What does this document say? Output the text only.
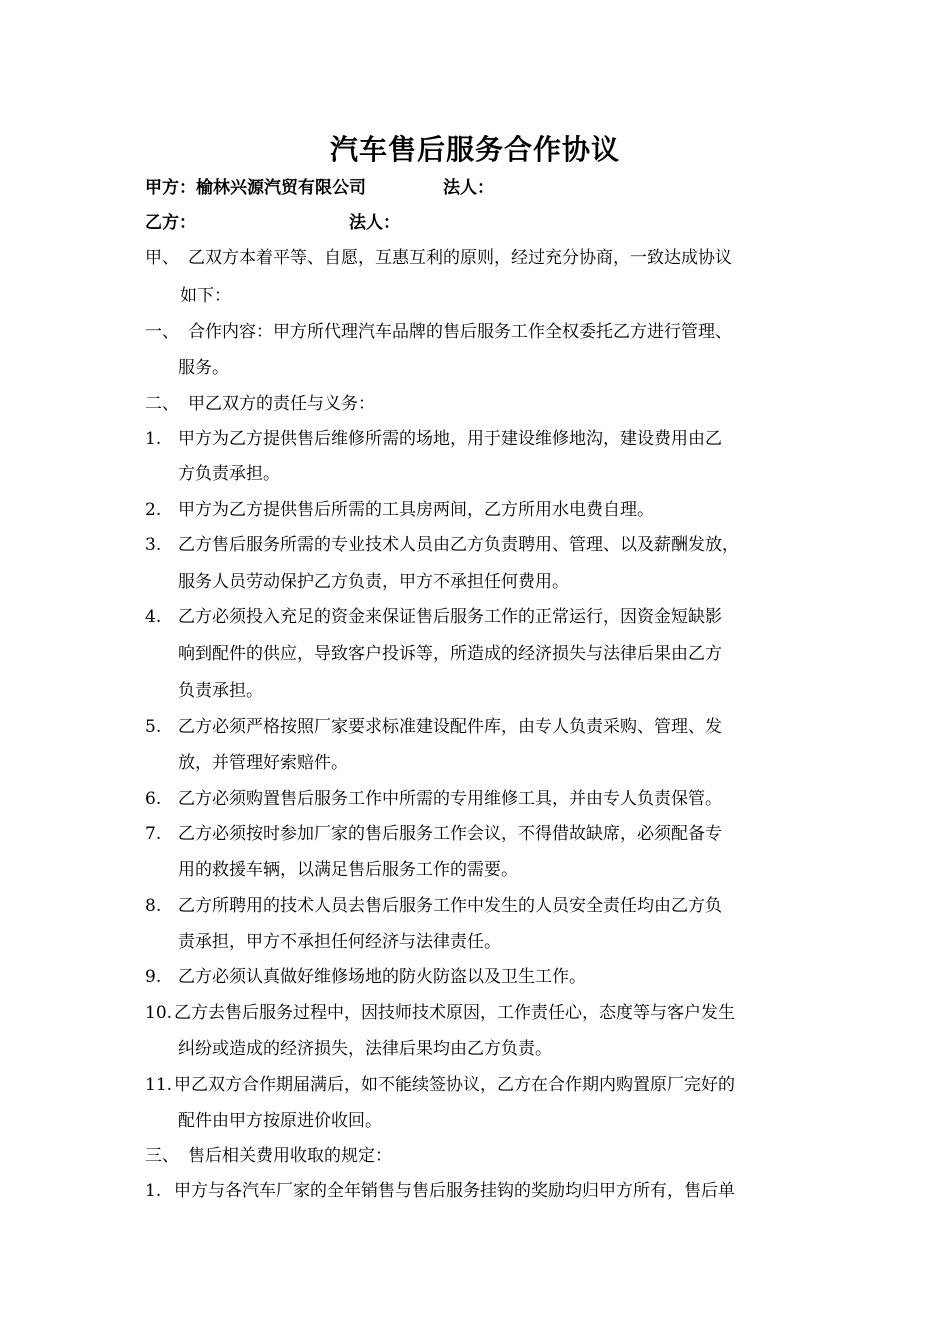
汽车售后服务合作协议
甲方：榆林兴源汽贸有限公司	法人：
乙方：	法人：
甲、 乙双方本着平等、自愿，互惠互利的原则，经过充分协商，一致达成协议
如下：
一、 合作内容：甲方所代理汽车品牌的售后服务工作全权委托乙方进行管理、
服务。
二、 甲乙双方的责任与义务：
1. 甲方为乙方提供售后维修所需的场地，用于建设维修地沟，建设费用由乙
方负责承担。
2. 甲方为乙方提供售后所需的工具房两间，乙方所用水电费自理。
3. 乙方售后服务所需的专业技术人员由乙方负责聘用、管理、以及薪酬发放，
服务人员劳动保护乙方负责，甲方不承担任何费用。
4. 乙方必须投入充足的资金来保证售后服务工作的正常运行，因资金短缺影
响到配件的供应，导致客户投诉等，所造成的经济损失与法律后果由乙方
负责承担。
5. 乙方必须严格按照厂家要求标准建设配件库，由专人负责采购、管理、发
放，并管理好索赔件。
6. 乙方必须购置售后服务工作中所需的专用维修工具，并由专人负责保管。
7. 乙方必须按时参加厂家的售后服务工作会议，不得借故缺席，必须配备专
用的救援车辆，以满足售后服务工作的需要。
8. 乙方所聘用的技术人员去售后服务工作中发生的人员安全责任均由乙方负
责承担，甲方不承担任何经济与法律责任。
9. 乙方必须认真做好维修场地的防火防盗以及卫生工作。
10. 乙方去售后服务过程中，因技师技术原因，工作责任心，态度等与客户发生
纠纷或造成的经济损失，法律后果均由乙方负责。
11. 甲乙双方合作期届满后，如不能续签协议，乙方在合作期内购置原厂完好的
配件由甲方按原进价收回。
三、 售后相关费用收取的规定：
1. 甲方与各汽车厂家的全年销售与售后服务挂钩的奖励均归甲方所有，售后单
